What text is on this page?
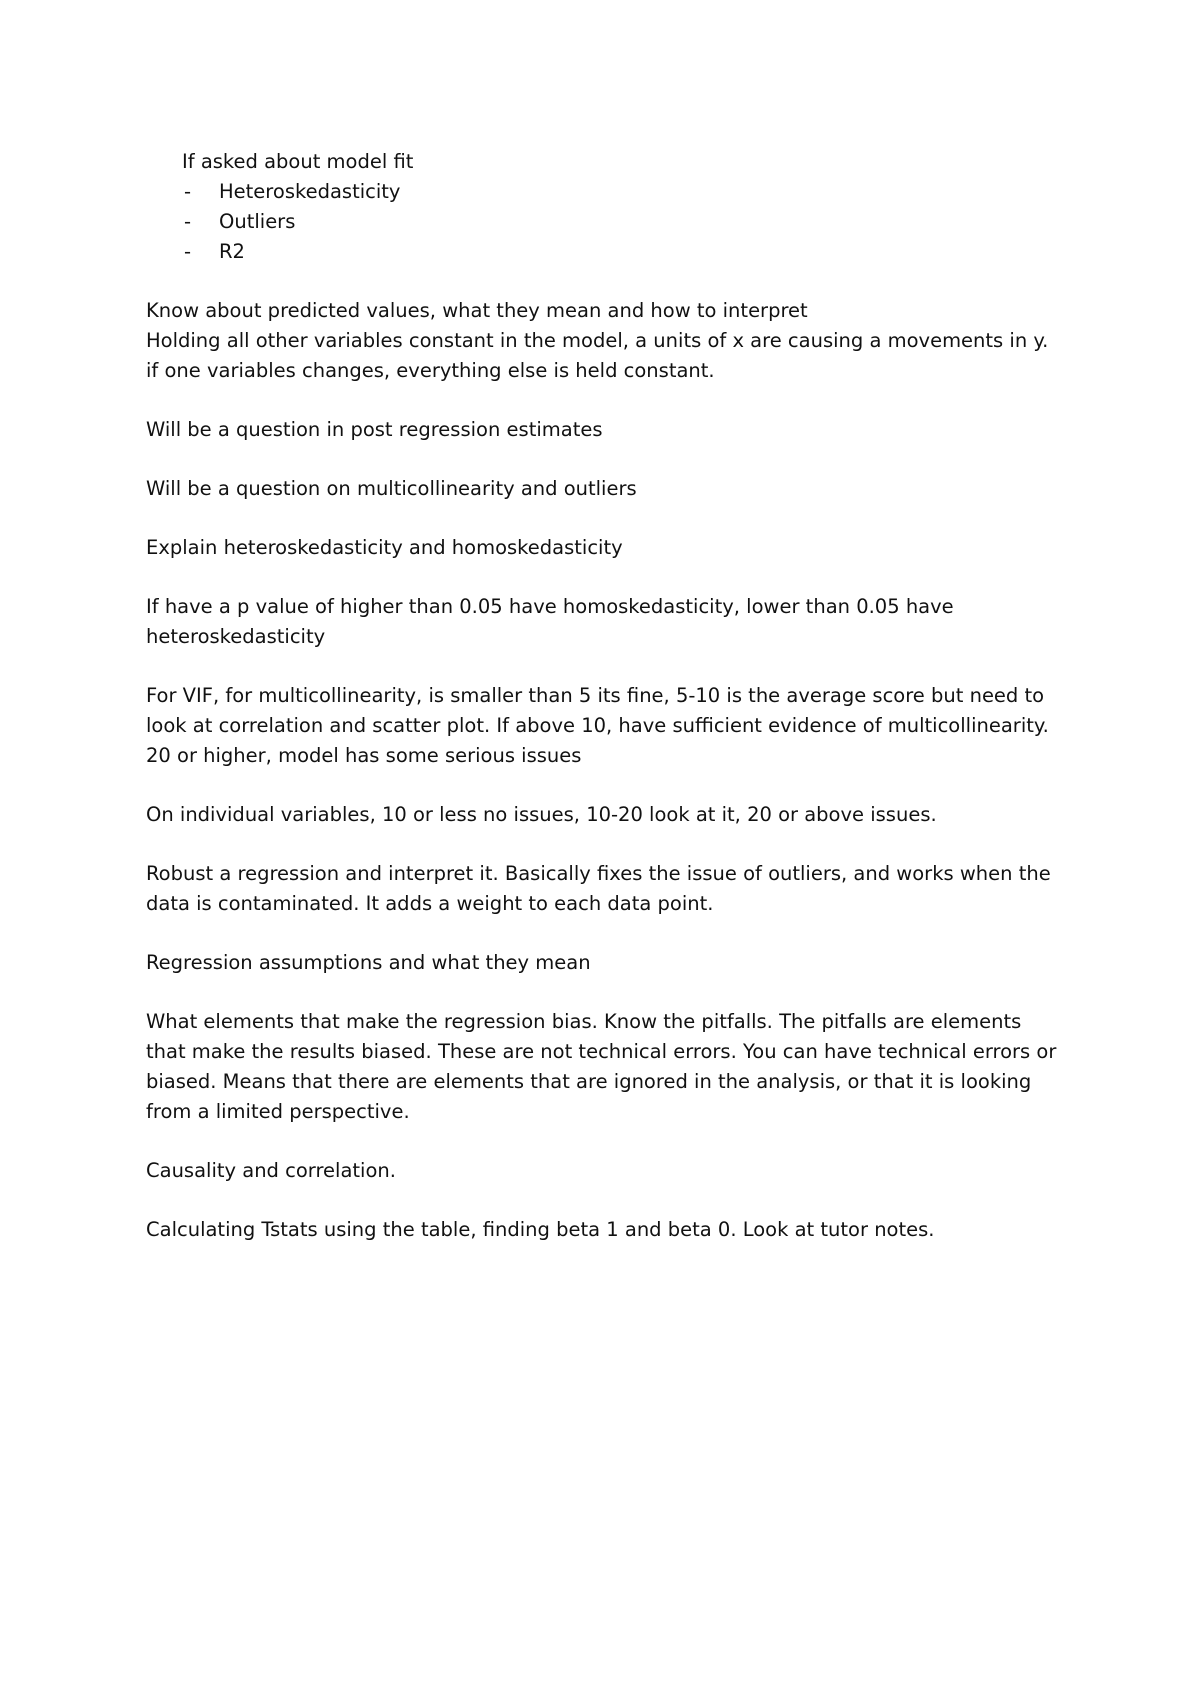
If asked about model fit
- Heteroskedasticity
- Outliers
- R2
Know about predicted values, what they mean and how to interpret
Holding all other variables constant in the model, a units of x are causing a movements in y.
if one variables changes, everything else is held constant.
Will be a question in post regression estimates
Will be a question on multicollinearity and outliers
Explain heteroskedasticity and homoskedasticity
If have a p value of higher than 0.05 have homoskedasticity, lower than 0.05 have
heteroskedasticity
For VIF, for multicollinearity, is smaller than 5 its fine, 5-10 is the average score but need to
look at correlation and scatter plot. If above 10, have sufficient evidence of multicollinearity.
20 or higher, model has some serious issues
On individual variables, 10 or less no issues, 10-20 look at it, 20 or above issues.
Robust a regression and interpret it. Basically fixes the issue of outliers, and works when the
data is contaminated. It adds a weight to each data point.
Regression assumptions and what they mean
What elements that make the regression bias. Know the pitfalls. The pitfalls are elements
that make the results biased. These are not technical errors. You can have technical errors or
biased. Means that there are elements that are ignored in the analysis, or that it is looking
from a limited perspective.
Causality and correlation.
Calculating Tstats using the table, finding beta 1 and beta 0. Look at tutor notes.
